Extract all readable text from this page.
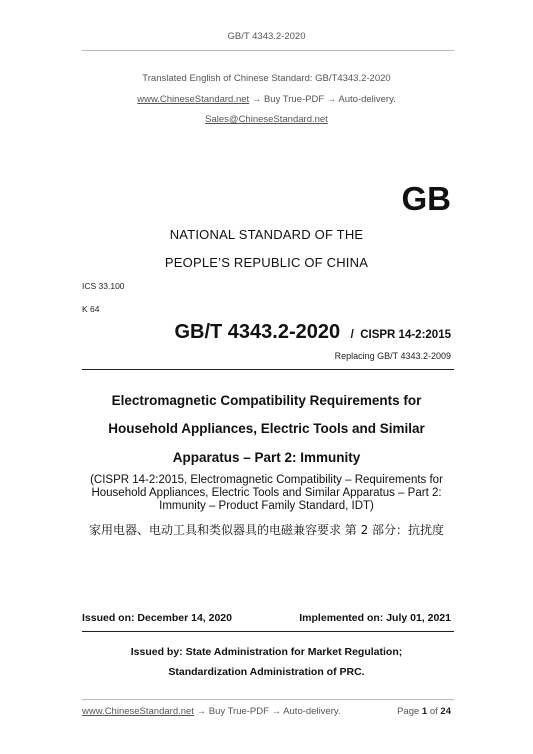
GB/T 4343.2-2020
Translated English of Chinese Standard: GB/T4343.2-2020
www.ChineseStandard.net → Buy True-PDF → Auto-delivery.
Sales@ChineseStandard.net
GB
NATIONAL STANDARD OF THE
PEOPLE’S REPUBLIC OF CHINA
ICS 33.100
K 64
GB/T 4343.2-2020 / CISPR 14-2:2015
Replacing GB/T 4343.2-2009
Electromagnetic Compatibility Requirements for
Household Appliances, Electric Tools and Similar
Apparatus – Part 2: Immunity
(CISPR 14-2:2015, Electromagnetic Compatibility – Requirements for
Household Appliances, Electric Tools and Similar Apparatus – Part 2:
Immunity – Product Family Standard, IDT)
家用电器、电动工具和类似器具的电磁兼容要求 第 2 部分：抗扰度
Issued on: December 14, 2020	Implemented on: July 01, 2021
Issued by: State Administration for Market Regulation;
Standardization Administration of PRC.
www.ChineseStandard.net → Buy True-PDF → Auto-delivery.	Page 1 of 24
